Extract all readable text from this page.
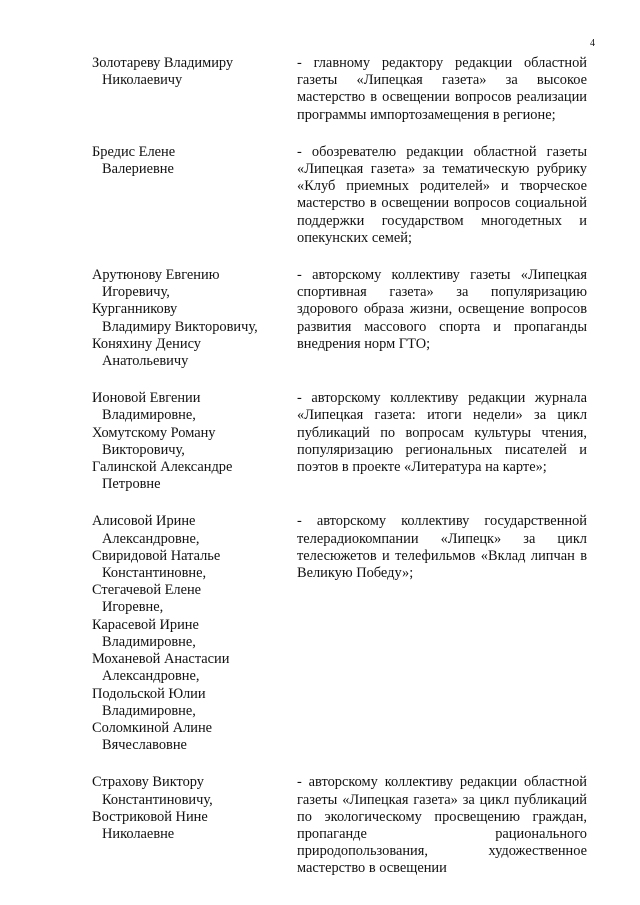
4
Золотареву Владимиру
Николаевичу
- главному редактору редакции областной газеты «Липецкая газета» за высокое мастерство в освещении вопросов реализации программы импортозамещения в регионе;
Бредис Елене
Валериевне
- обозревателю редакции областной газеты «Липецкая газета» за тематическую рубрику «Клуб приемных родителей» и творческое мастерство в освещении вопросов социальной поддержки государством многодетных и опекунских семей;
Арутюнову Евгению
Игоревичу,
Курганникову
Владимиру Викторовичу,
Коняхину Денису
Анатольевичу
- авторскому коллективу газеты «Липецкая спортивная газета» за популяризацию здорового образа жизни, освещение вопросов развития массового спорта и пропаганды внедрения норм ГТО;
Ионовой Евгении
Владимировне,
Хомутскому Роману
Викторовичу,
Галинской Александре
Петровне
- авторскому коллективу редакции журнала «Липецкая газета: итоги недели» за цикл публикаций по вопросам культуры чтения, популяризацию региональных писателей и поэтов в проекте «Литература на карте»;
Алисовой Ирине
Александровне,
Свиридовой Наталье
Константиновне,
Стегачевой Елене
Игоревне,
Карасевой Ирине
Владимировне,
Моханевой Анастасии
Александровне,
Подольской Юлии
Владимировне,
Соломкиной Алине
Вячеславовне
- авторскому коллективу государственной телерадиокомпании «Липецк» за цикл телесюжетов и телефильмов «Вклад липчан в Великую Победу»;
Страхову Виктору
Константиновичу,
Востриковой Нине
Николаевне
- авторскому коллективу редакции областной газеты «Липецкая газета» за цикл публикаций по экологическому просвещению граждан, пропаганде рационального природопользования, художественное мастерство в освещении
